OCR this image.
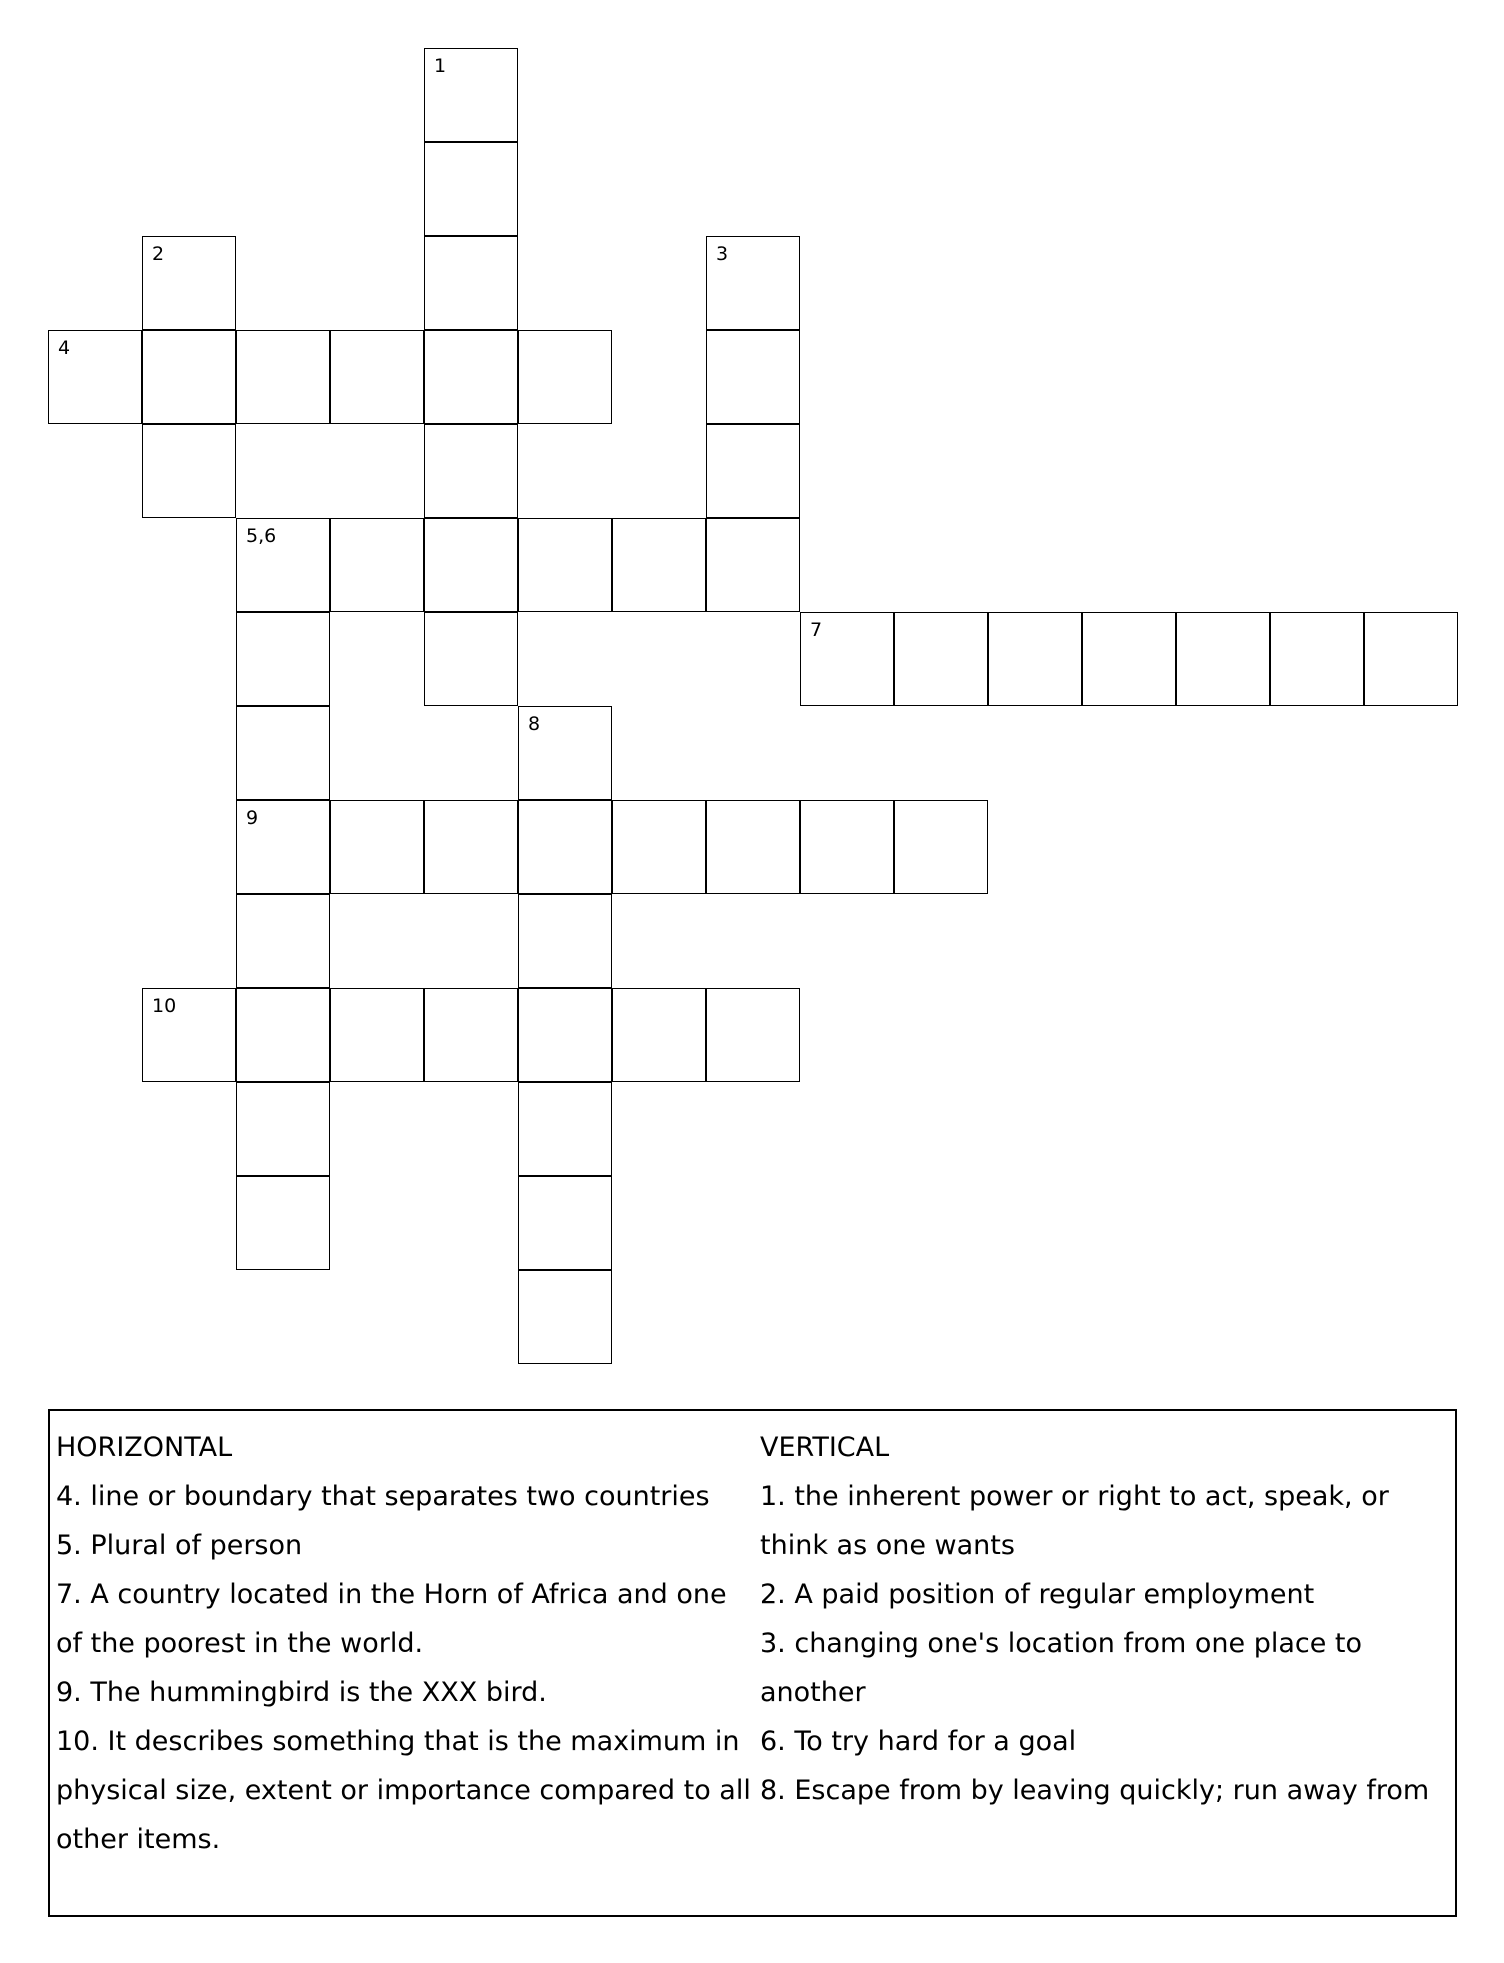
1
2	3
4
5,6
7
8
9
10
HORIZONTAL
4. line or boundary that separates two countries
5. Plural of person
7. A country located in the Horn of Africa and one
of the poorest in the world.
9. The hummingbird is the XXX bird.
10. It describes something that is the maximum in
physical size, extent or importance compared to all
other items.
VERTICAL
1. the inherent power or right to act, speak, or
think as one wants
2. A paid position of regular employment
3. changing one's location from one place to
another
6. To try hard for a goal
8. Escape from by leaving quickly; run away from
